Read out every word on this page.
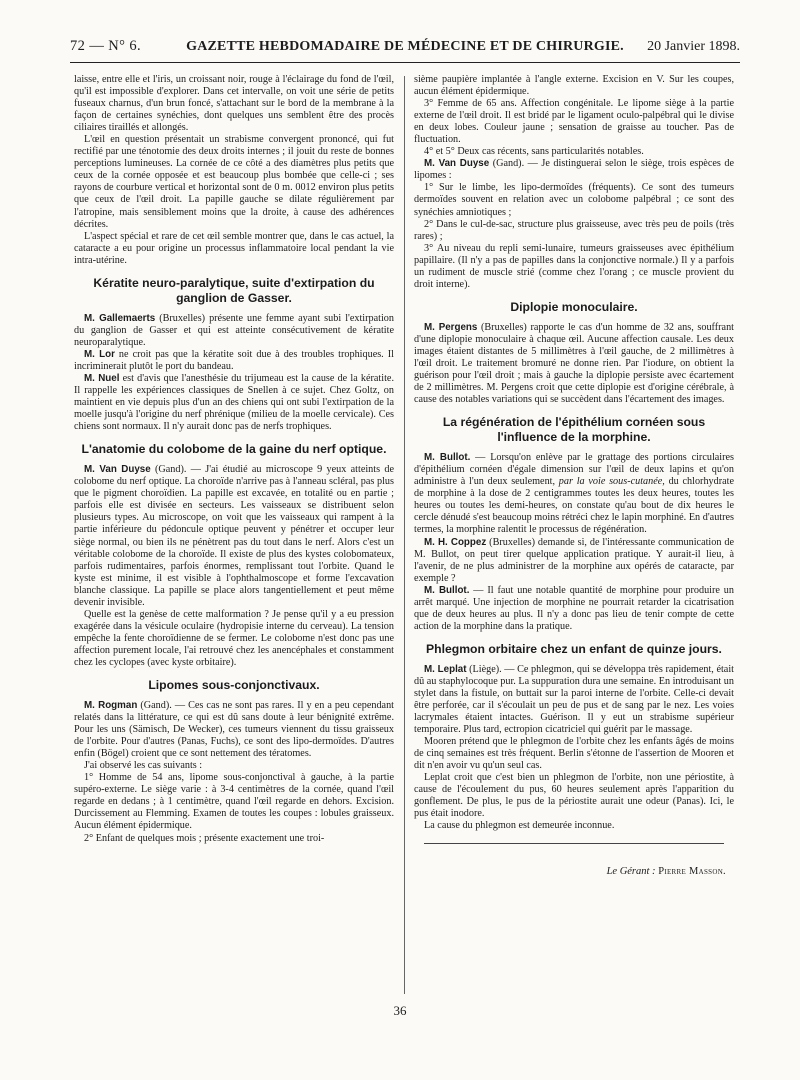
72 — N° 6.	GAZETTE HEBDOMADAIRE DE MÉDECINE ET DE CHIRURGIE.	20 Janvier 1898.

laisse, entre elle et l'iris, un croissant noir, rouge à l'éclairage du fond de l'œil, qu'il est impossible d'explorer. Dans cet intervalle, on voit une série de petits fuseaux charnus, d'un brun foncé, s'attachant sur le bord de la membrane à la façon de certaines synéchies, dont quelques uns semblent être des procès ciliaires tiraillés et allongés.

L'œil en question présentait un strabisme convergent prononcé, qui fut rectifié par une ténotomie des deux droits internes ; il jouit du reste de bonnes perceptions lumineuses. La cornée de ce côté a des diamètres plus petits que ceux de la cornée opposée et est beaucoup plus bombée que celle-ci ; ses rayons de courbure vertical et horizontal sont de 0 m. 0012 environ plus petits que ceux de l'œil droit. La papille gauche se dilate régulièrement par l'atropine, mais sensiblement moins que la droite, à cause des adhérences décrites.

L'aspect spécial et rare de cet œil semble montrer que, dans le cas actuel, la cataracte a eu pour origine un processus inflammatoire local pendant la vie intra-utérine.

Kératite neuro-paralytique, suite d'extirpation du ganglion de Gasser.

M. Gallemaerts (Bruxelles) présente une femme ayant subi l'extirpation du ganglion de Gasser et qui est atteinte consécutivement de kératite neuroparalytique.

M. Lor ne croit pas que la kératite soit due à des troubles trophiques. Il incriminerait plutôt le port du bandeau.

M. Nuel est d'avis que l'anesthésie du trijumeau est la cause de la kératite. Il rappelle les expériences classiques de Snellen à ce sujet. Chez Goltz, on maintient en vie depuis plus d'un an des chiens qui ont subi l'extirpation de la moelle jusqu'à l'origine du nerf phrénique (milieu de la moelle cervicale). Ces chiens sont normaux. Il n'y aurait donc pas de nerfs trophiques.

L'anatomie du colobome de la gaine du nerf optique.

M. Van Duyse (Gand). — J'ai étudié au microscope 9 yeux atteints de colobome du nerf optique. La choroïde n'arrive pas à l'anneau scléral, pas plus que le pigment choroïdien. La papille est excavée, en totalité ou en partie ; parfois elle est divisée en secteurs. Les vaisseaux se distribuent selon plusieurs types. Au microscope, on voit que les vaisseaux qui rampent à la partie inférieure du pédoncule optique peuvent y pénétrer et occuper leur siège normal, ou bien ils ne pénètrent pas du tout dans le nerf. Alors c'est un véritable colobome de la choroïde. Il existe de plus des kystes colobomateux, parfois rudimentaires, parfois énormes, remplissant tout l'orbite. Quand le kyste est minime, il est visible à l'ophthalmoscope et forme l'excavation blanche classique. La papille se place alors tangentiellement et peut même devenir invisible.

Quelle est la genèse de cette malformation ? Je pense qu'il y a eu pression exagérée dans la vésicule oculaire (hydropisie interne du cerveau). La tension empêche la fente choroïdienne de se fermer. Le colobome n'est donc pas une affection purement locale, l'ai retrouvé chez les anencéphales et constamment chez les cyclopes (avec kyste orbitaire).

Lipomes sous-conjonctivaux.

M. Rogman (Gand). — Ces cas ne sont pas rares. Il y en a peu cependant relatés dans la littérature, ce qui est dû sans doute à leur bénignité extrême. Pour les uns (Sämisch, De Wecker), ces tumeurs viennent du tissu graisseux de l'orbite. Pour d'autres (Panas, Fuchs), ce sont des lipo-dermoïdes. D'autres enfin (Bögel) croient que ce sont nettement des tératomes.

J'ai observé les cas suivants :

1° Homme de 54 ans, lipome sous-conjonctival à gauche, à la partie supéro-externe. Le siège varie : à 3-4 centimètres de la cornée, quand l'œil regarde en dedans ; à 1 centimètre, quand l'œil regarde en dehors. Excision. Durcissement au Flemming. Examen de toutes les coupes : lobules graisseux. Aucun élément épidermique.

2° Enfant de quelques mois ; présente exactement une troi-

sième paupière implantée à l'angle externe. Excision en V. Sur les coupes, aucun élément épidermique.

3° Femme de 65 ans. Affection congénitale. Le lipome siège à la partie externe de l'œil droit. Il est bridé par le ligament oculo-palpébral qui le divise en deux lobes. Couleur jaune ; sensation de graisse au toucher. Pas de fluctuation.

4° et 5° Deux cas récents, sans particularités notables.

M. Van Duyse (Gand). — Je distinguerai selon le siège, trois espèces de lipomes :

1° Sur le limbe, les lipo-dermoïdes (fréquents). Ce sont des tumeurs dermoïdes souvent en relation avec un colobome palpébral ; ce sont des synéchies amniotiques ;

2° Dans le cul-de-sac, structure plus graisseuse, avec très peu de poils (très rares) ;

3° Au niveau du repli semi-lunaire, tumeurs graisseuses avec épithélium papillaire. (Il n'y a pas de papilles dans la conjonctive normale.) Il y a parfois un rudiment de muscle strié (comme chez l'orang ; ce muscle provient du droit interne).

Diplopie monoculaire.

M. Pergens (Bruxelles) rapporte le cas d'un homme de 32 ans, souffrant d'une diplopie monoculaire à chaque œil. Aucune affection causale. Les deux images étaient distantes de 5 millimètres à l'œil gauche, de 2 millimètres à l'œil droit. Le traitement bromuré ne donne rien. Par l'iodure, on obtient la guérison pour l'œil droit ; mais à gauche la diplopie persiste avec écartement de 2 millimètres. M. Pergens croit que cette diplopie est d'origine cérébrale, à cause des notables variations qui se succèdent dans l'écartement des images.

La régénération de l'épithélium cornéen sous l'influence de la morphine.

M. Bullot. — Lorsqu'on enlève par le grattage des portions circulaires d'épithélium cornéen d'égale dimension sur l'œil de deux lapins et qu'on administre à l'un deux seulement, par la voie sous-cutanée, du chlorhydrate de morphine à la dose de 2 centigrammes toutes les deux heures, toutes les heures ou toutes les demi-heures, on constate qu'au bout de dix heures le cercle dénudé s'est beaucoup moins rétréci chez le lapin morphiné. En d'autres termes, la morphine ralentit le processus de régénération.

M. H. Coppez (Bruxelles) demande si, de l'intéressante communication de M. Bullot, on peut tirer quelque application pratique. Y aurait-il lieu, à l'avenir, de ne plus administrer de la morphine aux opérés de cataracte, par exemple ?

M. Bullot. — Il faut une notable quantité de morphine pour produire un arrêt marqué. Une injection de morphine ne pourrait retarder la cicatrisation que de deux heures au plus. Il n'y a donc pas lieu de tenir compte de cette action de la morphine dans la pratique.

Phlegmon orbitaire chez un enfant de quinze jours.

M. Leplat (Liège). — Ce phlegmon, qui se développa très rapidement, était dû au staphylocoque pur. La suppuration dura une semaine. En introduisant un stylet dans la fistule, on buttait sur la paroi interne de l'orbite. Celle-ci devait être perforée, car il s'écoulait un peu de pus et de sang par le nez. Les voies lacrymales étaient intactes. Guérison. Il y eut un strabisme supérieur temporaire. Plus tard, ectropion cicatriciel qui guérit par le massage.

Mooren prétend que le phlegmon de l'orbite chez les enfants âgés de moins de cinq semaines est très fréquent. Berlin s'étonne de l'assertion de Mooren et dit n'en avoir vu qu'un seul cas.

Leplat croit que c'est bien un phlegmon de l'orbite, non une périostite, à cause de l'écoulement du pus, 60 heures seulement après l'apparition du gonflement. De plus, le pus de la périostite aurait une odeur (Panas). Ici, le pus était inodore.

La cause du phlegmon est demeurée inconnue.

Le Gérant : Pierre Masson.
36
